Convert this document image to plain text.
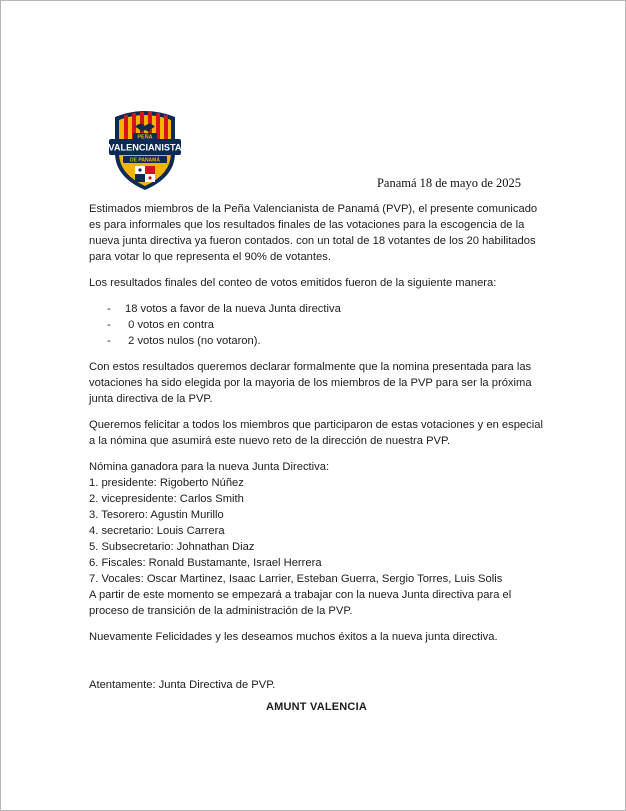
PEÑA
VALENCIANISTA
DE PANAMÁ
Panamá 18 de mayo de 2025

Estimados miembros de la Peña Valencianista de Panamá (PVP), el presente comunicado es para informales que los resultados finales de las votaciones para la escogencia de la nueva junta directiva ya fueron contados. con un total de 18 votantes de los 20 habilitados para votar lo que representa el 90% de votantes.

Los resultados finales del conteo de votos emitidos fueron de la siguiente manera:

-	18 votos a favor de la nueva Junta directiva
-	0 votos en contra
-	2 votos nulos (no votaron).

Con estos resultados queremos declarar formalmente que la nomina presentada para las votaciones ha sido elegida por la mayoria de los miembros de la PVP para ser la próxima junta directiva de la PVP.

Queremos felicitar a todos los miembros que participaron de estas votaciones y en especial a la nómina que asumirá este nuevo reto de la dirección de nuestra PVP.

Nómina ganadora para la nueva Junta Directiva:
1. presidente: Rigoberto Núñez
2. vicepresidente: Carlos Smith
3. Tesorero: Agustin Murillo
4. secretario: Louis Carrera
5. Subsecretario: Johnathan Diaz
6. Fiscales: Ronald Bustamante, Israel Herrera
7. Vocales: Oscar Martinez, Isaac Larrier, Esteban Guerra, Sergio Torres, Luis Solis

A partir de este momento se empezará a trabajar con la nueva Junta directiva para el proceso de transición de la administración de la PVP.

Nuevamente Felicidades y les deseamos muchos éxitos a la nueva junta directiva.

Atentamente: Junta Directiva de PVP.

AMUNT VALENCIA
